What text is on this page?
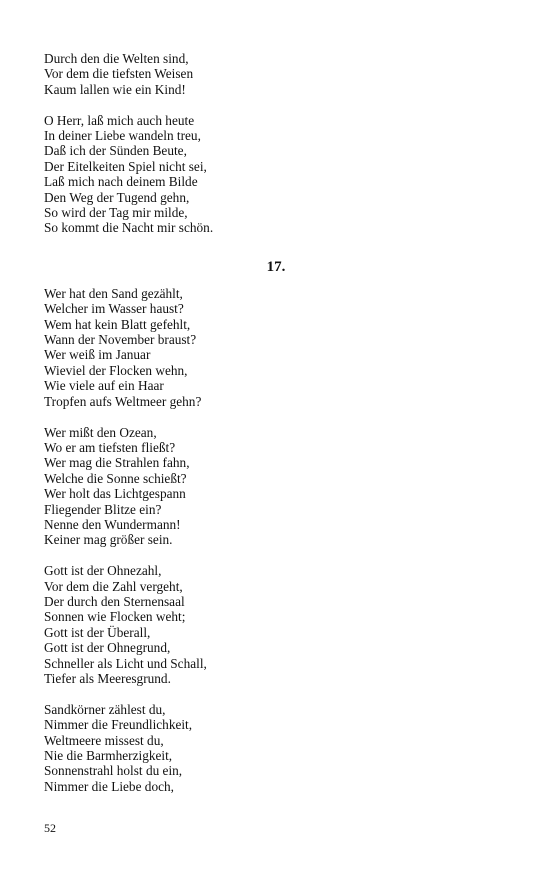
Durch den die Welten sind,
Vor dem die tiefsten Weisen
Kaum lallen wie ein Kind!
O Herr, laß mich auch heute
In deiner Liebe wandeln treu,
Daß ich der Sünden Beute,
Der Eitelkeiten Spiel nicht sei,
Laß mich nach deinem Bilde
Den Weg der Tugend gehn,
So wird der Tag mir milde,
So kommt die Nacht mir schön.
17.
Wer hat den Sand gezählt,
Welcher im Wasser haust?
Wem hat kein Blatt gefehlt,
Wann der November braust?
Wer weiß im Januar
Wieviel der Flocken wehn,
Wie viele auf ein Haar
Tropfen aufs Weltmeer gehn?
Wer mißt den Ozean,
Wo er am tiefsten fließt?
Wer mag die Strahlen fahn,
Welche die Sonne schießt?
Wer holt das Lichtgespann
Fliegender Blitze ein?
Nenne den Wundermann!
Keiner mag größer sein.
Gott ist der Ohnezahl,
Vor dem die Zahl vergeht,
Der durch den Sternensaal
Sonnen wie Flocken weht;
Gott ist der Überall,
Gott ist der Ohnegrund,
Schneller als Licht und Schall,
Tiefer als Meeresgrund.
Sandkörner zählest du,
Nimmer die Freundlichkeit,
Weltmeere missest du,
Nie die Barmherzigkeit,
Sonnenstrahl holst du ein,
Nimmer die Liebe doch,
52
